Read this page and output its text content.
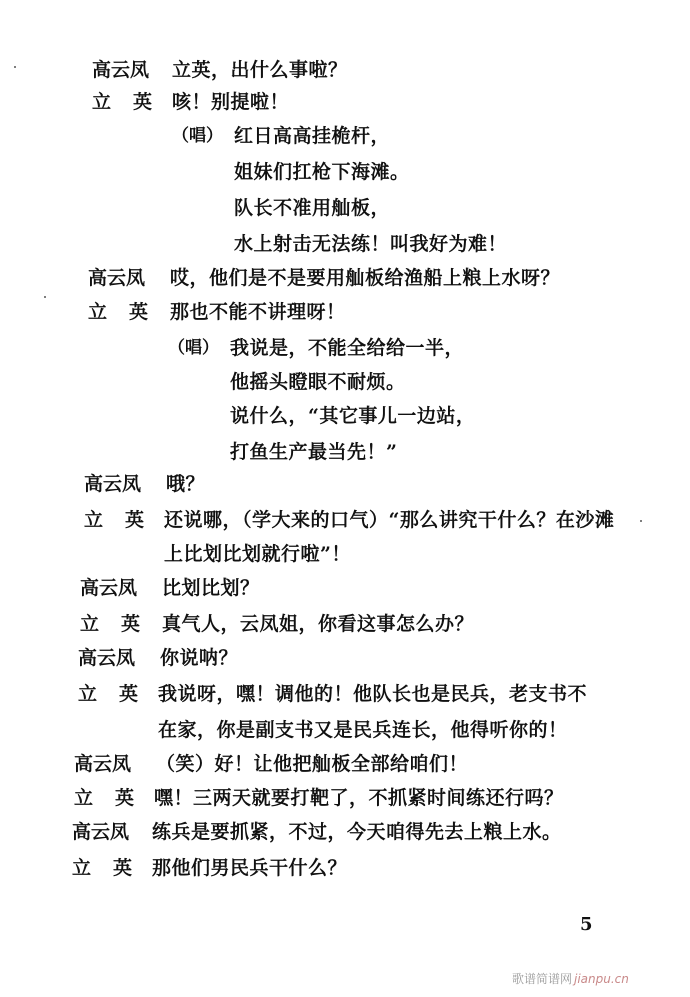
高云凤 立英，出什么事啦？
立英
咳！别提啦！
（唱） 红日高高挂桅杆，
姐妹们扛枪下海滩。
队长不准用舢板，
水上射击无法练！叫我好为难！
高云凤 哎，他们是不是要用舢板给渔船上粮上水呀？
立英 那也不能不讲理呀！
（唱） 我说是，不能全给给一半，
他摇头瞪眼不耐烦。
说什么，“其它事儿一边站，
打鱼生产最当先！”
高云凤 哦？
立英
还说哪，（学大来的口气）“那么讲究干什么？在沙滩
上比划比划就行啦”！
高云凤 比划比划？
立英 真气人，云凤姐，你看这事怎么办？
高云凤 你说呐？
立英
我说呀，嘿！调他的！他队长也是民兵，老支书不
在家，你是副支书又是民兵连长，他得听你的！
高云凤 （笑）好！让他把舢板全部给咱们！
立英
嘿！三两天就要打靶了，不抓紧时间练还行吗？
高云凤 练兵是要抓紧，不过，今天咱得先去上粮上水。
立英
那他们男民兵干什么？
5
歌谱简谱网 jianpu.cn
